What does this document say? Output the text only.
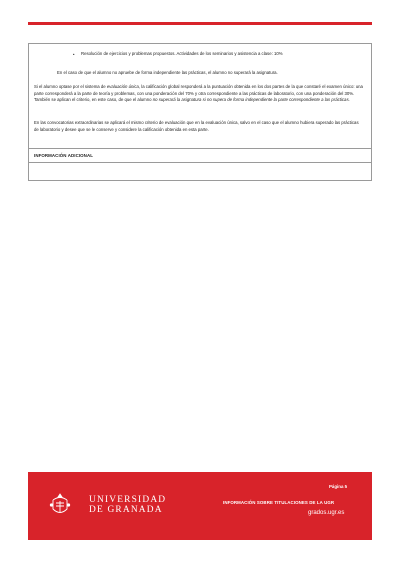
• Resolución de ejercicios y problemas propuestos. Actividades de los seminarios y asistencia a clase: 10%
En el caso de que el alumno no apruebe de forma independiente las prácticas, el alumno no superará la asignatura.
Si el alumno optase por el sistema de evaluación única, la calificación global responderá a la puntuación obtenida en los dos partes de la que constaré el examen único: una parte corresponderá a la parte de teoría y problemas, con una ponderación del 70% y otra correspondiente a las prácticas de laboratorio, con una ponderación del 30%. También se aplican el criterio, en este caso, de que el alumno no superará la asignatura si no supera de forma independiente la parte correspondiente a las prácticas.
En las convocatorias extraordinarias se aplicará el mismo criterio de evaluación que en la evaluación única, salvo en el caso que el alumno hubiera superado las prácticas de laboratorio y desee que se le conserve y considere la calificación obtenida en esta parte.
INFORMACIÓN ADICIONAL
UNIVERSIDAD
DE GRANADA
Página 5
INFORMACIÓN SOBRE TITULACIONES DE LA UGR
grados.ugr.es
